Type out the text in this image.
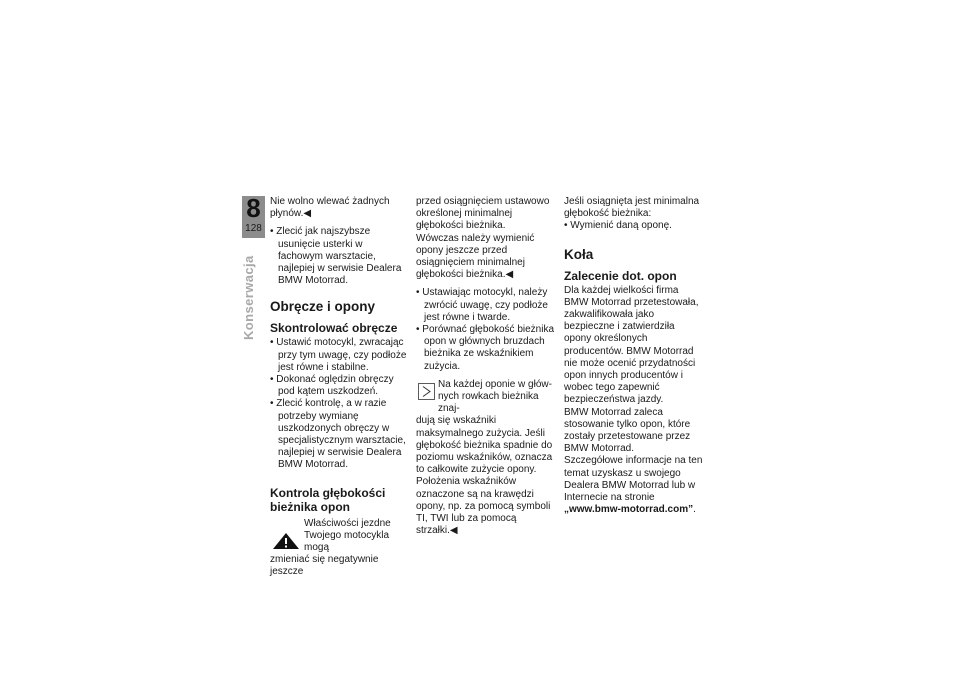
8
128
Konserwacja

Nie wolno wlewać żadnych

płynów.◀

• Zlecić jak najszybsze usunięcie usterki w fachowym warsztacie, najlepiej w serwisie Dealera BMW Motorrad.

Obręcze i opony

Skontrolować obręcze

• Ustawić motocykl, zwracając przy tym uwagę, czy podłoże jest równe i stabilne.

• Dokonać oględzin obręczy pod kątem uszkodzeń.

• Zlecić kontrolę, a w razie potrzeby wymianę uszkodzonych obręczy w specjalistycznym warsztacie, najlepiej w serwisie Dealera BMW Motorrad.

Kontrola głębokości

bieżnika opon

Właściwości jezdne

Twojego motocykla mogą

zmieniać się negatywnie jeszcze

przed osiągnięciem ustawowo określonej minimalnej głębokości bieżnika.

Wówczas należy wymienić opony jeszcze przed osiągnięciem minimalnej głębokości bieżnika.◀

• Ustawiając motocykl, należy zwrócić uwagę, czy podłoże jest równe i twarde.

• Porównać głębokość bieżnika opon w głównych bruzdach bieżnika ze wskaźnikiem zużycia.

Na każdej oponie w głów-

nych rowkach bieżnika znaj-

dują się wskaźniki maksymalnego zużycia. Jeśli głębokość bieżnika spadnie do poziomu wskaźników, oznacza to całkowite zużycie opony. Położenia wskaźników oznaczone są na krawędzi opony, np. za pomocą symboli TI, TWI lub za pomocą strzałki.◀

Jeśli osiągnięta jest minimalna głębokość bieżnika:

• Wymienić daną oponę.

Koła

Zalecenie dot. opon

Dla każdej wielkości firma BMW Motorrad przetestowała, zakwalifikowała jako bezpieczne i zatwierdziła opony określonych producentów. BMW Motorrad nie może ocenić przydatności opon innych producentów i wobec tego zapewnić bezpieczeństwa jazdy.

BMW Motorrad zaleca stosowanie tylko opon, które zostały przetestowane przez BMW Motorrad.

Szczegółowe informacje na ten temat uzyskasz u swojego Dealera BMW Motorrad lub w Internecie na stronie „www.bmw-motorrad.com”.
